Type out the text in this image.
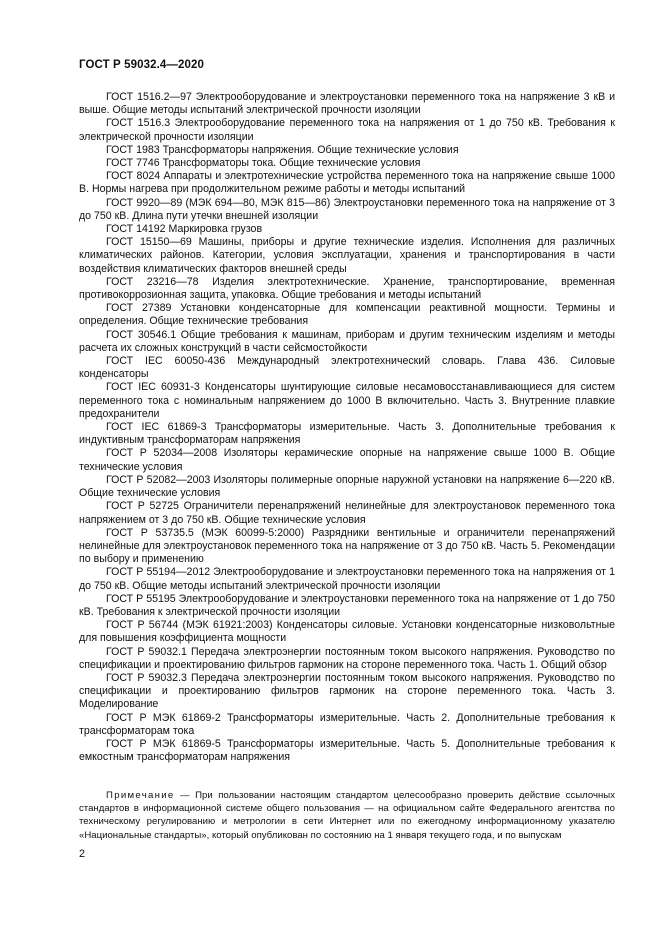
ГОСТ Р 59032.4—2020

ГОСТ 1516.2—97 Электрооборудование и электроустановки переменного тока на напряжение 3 кВ и выше. Общие методы испытаний электрической прочности изоляции

ГОСТ 1516.3 Электрооборудование переменного тока на напряжения от 1 до 750 кВ. Требования к электрической прочности изоляции

ГОСТ 1983 Трансформаторы напряжения. Общие технические условия

ГОСТ 7746 Трансформаторы тока. Общие технические условия

ГОСТ 8024 Аппараты и электротехнические устройства переменного тока на напряжение свыше 1000 В. Нормы нагрева при продолжительном режиме работы и методы испытаний

ГОСТ 9920—89 (МЭК 694—80, МЭК 815—86) Электроустановки переменного тока на напряжение от 3 до 750 кВ. Длина пути утечки внешней изоляции

ГОСТ 14192 Маркировка грузов

ГОСТ 15150—69 Машины, приборы и другие технические изделия. Исполнения для различных климатических районов. Категории, условия эксплуатации, хранения и транспортирования в части воздействия климатических факторов внешней среды

ГОСТ 23216—78 Изделия электротехнические. Хранение, транспортирование, временная противокоррозионная защита, упаковка. Общие требования и методы испытаний

ГОСТ 27389 Установки конденсаторные для компенсации реактивной мощности. Термины и определения. Общие технические требования

ГОСТ 30546.1 Общие требования к машинам, приборам и другим техническим изделиям и методы расчета их сложных конструкций в части сейсмостойкости

ГОСТ IEC 60050-436 Международный электротехнический словарь. Глава 436. Силовые конденсаторы

ГОСТ IEC 60931-3 Конденсаторы шунтирующие силовые несамовосстанавливающиеся для систем переменного тока с номинальным напряжением до 1000 В включительно. Часть 3. Внутренние плавкие предохранители

ГОСТ IEC 61869-3 Трансформаторы измерительные. Часть 3. Дополнительные требования к индуктивным трансформаторам напряжения

ГОСТ Р 52034—2008 Изоляторы керамические опорные на напряжение свыше 1000 В. Общие технические условия

ГОСТ Р 52082—2003 Изоляторы полимерные опорные наружной установки на напряжение 6—220 кВ. Общие технические условия

ГОСТ Р 52725 Ограничители перенапряжений нелинейные для электроустановок переменного тока напряжением от 3 до 750 кВ. Общие технические условия

ГОСТ Р 53735.5 (МЭК 60099-5:2000) Разрядники вентильные и ограничители перенапряжений нелинейные для электроустановок переменного тока на напряжение от 3 до 750 кВ. Часть 5. Рекомендации по выбору и применению

ГОСТ Р 55194—2012 Электрооборудование и электроустановки переменного тока на напряжения от 1 до 750 кВ. Общие методы испытаний электрической прочности изоляции

ГОСТ Р 55195 Электрооборудование и электроустановки переменного тока на напряжение от 1 до 750 кВ. Требования к электрической прочности изоляции

ГОСТ Р 56744 (МЭК 61921:2003) Конденсаторы силовые. Установки конденсаторные низковольтные для повышения коэффициента мощности

ГОСТ Р 59032.1 Передача электроэнергии постоянным током высокого напряжения. Руководство по спецификации и проектированию фильтров гармоник на стороне переменного тока. Часть 1. Общий обзор

ГОСТ Р 59032.3 Передача электроэнергии постоянным током высокого напряжения. Руководство по спецификации и проектированию фильтров гармоник на стороне переменного тока. Часть 3. Моделирование

ГОСТ Р МЭК 61869-2 Трансформаторы измерительные. Часть 2. Дополнительные требования к трансформаторам тока

ГОСТ Р МЭК 61869-5 Трансформаторы измерительные. Часть 5. Дополнительные требования к емкостным трансформаторам напряжения

Примечание — При пользовании настоящим стандартом целесообразно проверить действие ссылочных стандартов в информационной системе общего пользования — на официальном сайте Федерального агентства по техническому регулированию и метрологии в сети Интернет или по ежегодному информационному указателю «Национальные стандарты», который опубликован по состоянию на 1 января текущего года, и по выпускам

2
